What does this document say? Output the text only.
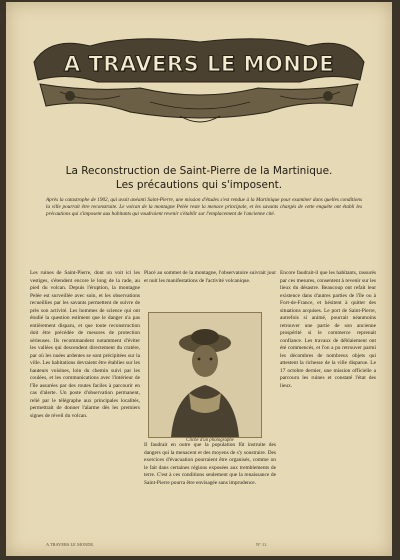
A TRAVERS LE MONDE
La Reconstruction de Saint-Pierre de la Martinique.
Les précautions qui s'imposent.
Après la catastrophe de 1902, qui avait anéanti Saint-Pierre, une mission d'études s'est rendue à la Martinique pour examiner dans quelles conditions la ville pourrait être reconstruite. Le volcan de la montagne Pelée reste la menace principale, et les savants chargés de cette enquête ont établi les précautions qui s'imposent aux habitants qui voudraient revenir s'établir sur l'emplacement de l'ancienne cité.
Les ruines de Saint-Pierre, dont on voit ici les vestiges, s'étendent encore le long de la rade, au pied du volcan. Depuis l'éruption, la montagne Pelée est surveillée avec soin, et les observations recueillies par les savants permettent de suivre de près son activité. Les hommes de science qui ont étudié la question estiment que le danger n'a pas entièrement disparu, et que toute reconstruction doit être précédée de mesures de protection sérieuses. Ils recommandent notamment d'éviter les vallées qui descendent directement du cratère, par où les nuées ardentes se sont précipitées sur la ville. Les habitations devraient être établies sur les hauteurs voisines, loin du chemin suivi par les coulées, et les communications avec l'intérieur de l'île assurées par des routes faciles à parcourir en cas d'alerte. Un poste d'observation permanent, relié par le télégraphe aux principales localités, permettrait de donner l'alarme dès les premiers signes de réveil du volcan.
Placé au sommet de la montagne, l'observatoire suivrait jour et nuit les manifestations de l'activité volcanique.
Cliché d'un photographe
Il faudrait en outre que la population fût instruite des dangers qui la menacent et des moyens de s'y soustraire. Des exercices d'évacuation pourraient être organisés, comme on le fait dans certaines régions exposées aux tremblements de terre. C'est à ces conditions seulement que la renaissance de Saint-Pierre pourra être envisagée sans imprudence.
Encore faudrait-il que les habitants, rassurés par ces mesures, consentent à revenir sur les lieux du désastre. Beaucoup ont refait leur existence dans d'autres parties de l'île ou à Fort-de-France, et hésitent à quitter des situations acquises. Le port de Saint-Pierre, autrefois si animé, pourrait néanmoins retrouver une partie de son ancienne prospérité si le commerce reprenait confiance. Les travaux de déblaiement ont été commencés, et l'on a pu retrouver parmi les décombres de nombreux objets qui attestent la richesse de la ville disparue. Le 17 octobre dernier, une mission officielle a parcouru les ruines et constaté l'état des lieux.
A TRAVERS LE MONDE.	N° 11.
